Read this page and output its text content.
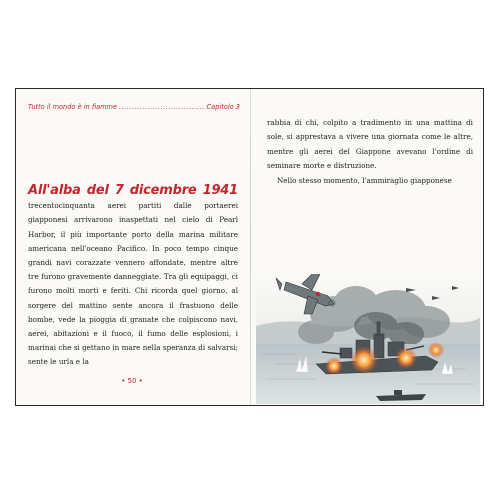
Tutto il mondo è in fiamme
.....	Capitolo 3
All'alba del 7 dicembre 1941 trecentocinquanta aerei partiti dalle portaerei giapponesi arrivarono inaspettati nel cielo di Pearl Harbor, il più importante porto della marina militare americana nell'oceano Pacifico. In poco tempo cinque grandi navi corazzate vennero affondate, mentre altre tre furono gravemente danneggiate. Tra gli equipaggi, ci furono molti morti e feriti. Chi ricorda quel giorno, al sorgere del mattino sente ancora il frastuono delle bombe, vede la pioggia di granate che colpiscono navi, aerei, abitazioni e il fuoco, il fumo delle esplosioni, i marinai che si gettano in mare nella speranza di salvarsi; sente le urla e la
• 50 •

rabbia di chi, colpito a tradimento in una mattina di sole, si apprestava a vivere una giornata come le altre, mentre gli aerei del Giappone avevano l'ordine di seminare morte e distruzione.

Nello stesso momento, l'ammiraglio giapponese
